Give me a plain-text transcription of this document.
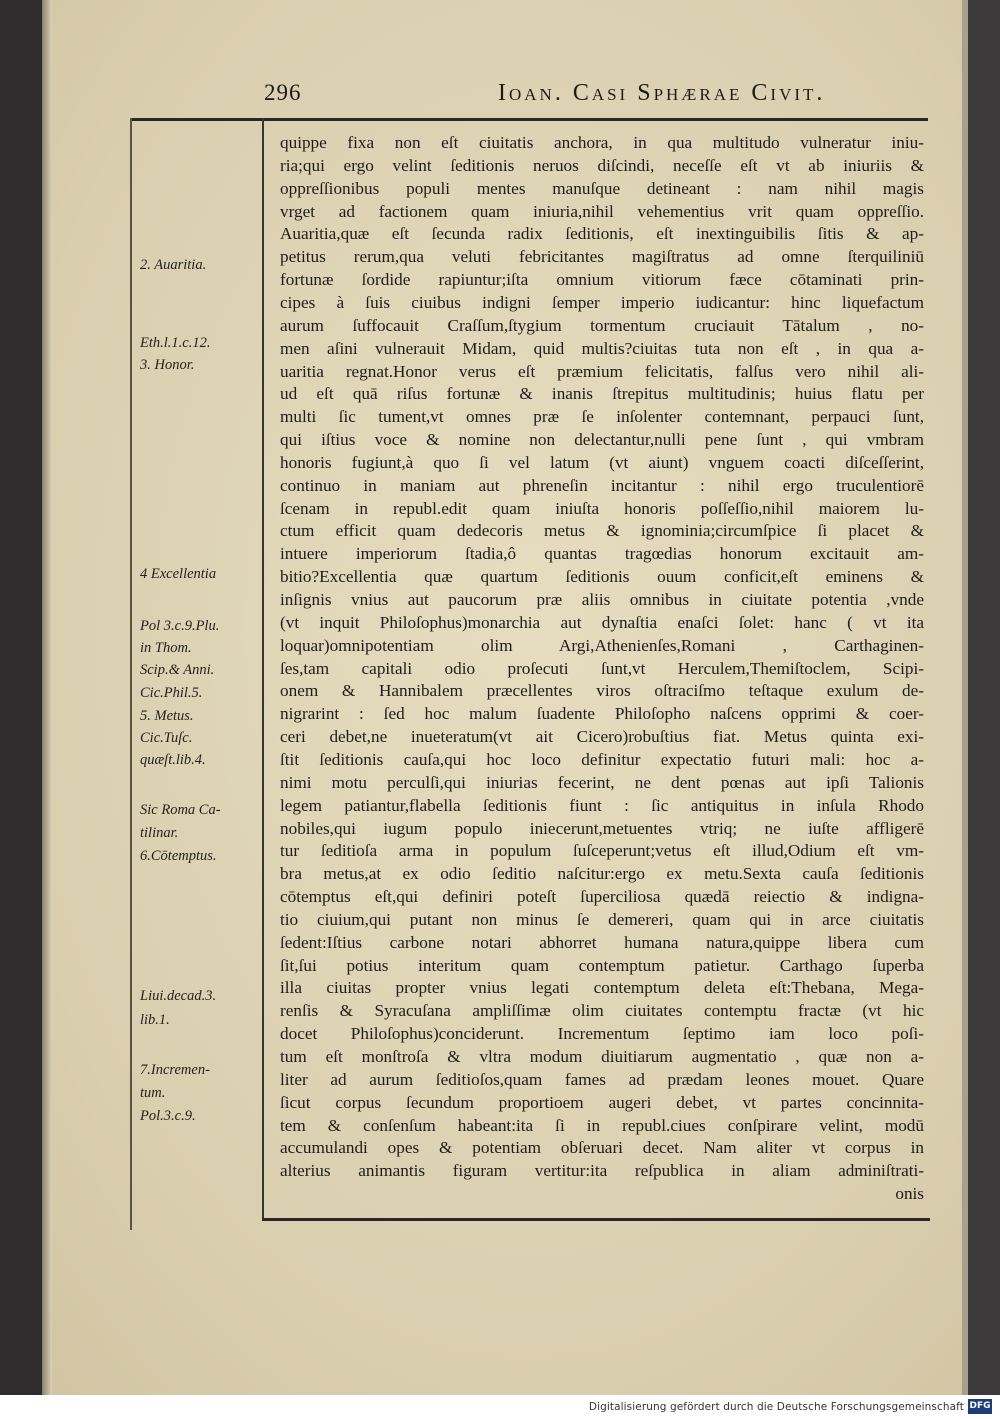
296	Ioan. Casi Sphærae Civit.
2. Auaritia.
Eth.l.1.c.12.
3. Honor.
4 Excellentia
Pol 3.c.9.Plu.
in Thom.
Scip.& Anni.
Cic.Phil.5.
5. Metus.
Cic.Tuſc.
quæſt.lib.4.
Sic Roma Ca-
tilinar.
6.Cōtemptus.
Liui.decad.3.
lib.1.
7.Incremen-
tum.
Pol.3.c.9.
quippe fixa non eſt ciuitatis anchora, in qua multitudo vulneratur iniu-
ria;qui ergo velint ſeditionis neruos diſcindi, neceſſe eſt vt ab iniuriis &
oppreſſionibus populi mentes manuſque detineant : nam nihil magis
vrget ad factionem quam iniuria,nihil vehementius vrit quam oppreſſio.
Auaritia,quæ eſt ſecunda radix ſeditionis, eſt inextinguibilis ſitis & ap-
petitus rerum,qua veluti febricitantes magiſtratus ad omne ſterquiliniū
fortunæ ſordide rapiuntur;iſta omnium vitiorum fæce cōtaminati prin-
cipes à ſuis ciuibus indigni ſemper imperio iudicantur: hinc liquefactum
aurum ſuffocauit Craſſum,ſtygium tormentum cruciauit Tātalum , no-
men aſini vulnerauit Midam, quid multis?ciuitas tuta non eſt , in qua a-
uaritia regnat.Honor verus eſt præmium felicitatis, falſus vero nihil ali-
ud eſt quā riſus fortunæ & inanis ſtrepitus multitudinis; huius flatu per
multi ſic tument,vt omnes præ ſe inſolenter contemnant, perpauci ſunt,
qui iſtius voce & nomine non delectantur,nulli pene ſunt , qui vmbram
honoris fugiunt,à quo ſi vel latum (vt aiunt) vnguem coacti diſceſſerint,
continuo in maniam aut phreneſin incitantur : nihil ergo truculentiorē
ſcenam in republ.edit quam iniuſta honoris poſſeſſio,nihil maiorem lu-
ctum efficit quam dedecoris metus & ignominia;circumſpice ſi placet &
intuere imperiorum ſtadia,ô quantas tragœdias honorum excitauit am-
bitio?Excellentia quæ quartum ſeditionis ouum conficit,eſt eminens &
inſignis vnius aut paucorum præ aliis omnibus in ciuitate potentia ,vnde
(vt inquit Philoſophus)monarchia aut dynaſtia enaſci ſolet: hanc ( vt ita
loquar)omnipotentiam olim Argi,Athenienſes,Romani , Carthaginen-
ſes,tam capitali odio proſecuti ſunt,vt Herculem,Themiſtoclem, Scipi-
onem & Hannibalem præcellentes viros oſtraciſmo teſtaque exulum de-
nigrarint : ſed hoc malum ſuadente Philoſopho naſcens opprimi & coer-
ceri debet,ne inueteratum(vt ait Cicero)robuſtius fiat. Metus quinta exi-
ſtit ſeditionis cauſa,qui hoc loco definitur expectatio futuri mali: hoc a-
nimi motu perculſi,qui iniurias fecerint, ne dent pœnas aut ipſi Talionis
legem patiantur,flabella ſeditionis fiunt : ſic antiquitus in inſula Rhodo
nobiles,qui iugum populo iniecerunt,metuentes vtriq; ne iuſte affligerē
tur ſeditioſa arma in populum ſuſceperunt;vetus eſt illud,Odium eſt vm-
bra metus,at ex odio ſeditio naſcitur:ergo ex metu.Sexta cauſa ſeditionis
cōtemptus eſt,qui definiri poteſt ſuperciliosa quædā reiectio & indigna-
tio ciuium,qui putant non minus ſe demereri, quam qui in arce ciuitatis
ſedent:Iſtius carbone notari abhorret humana natura,quippe libera cum
ſit,ſui potius interitum quam contemptum patietur. Carthago ſuperba
illa ciuitas propter vnius legati contemptum deleta eſt:Thebana, Mega-
renſis & Syracuſana ampliſſimæ olim ciuitates contemptu fractæ (vt hic
docet Philoſophus)conciderunt. Incrementum ſeptimo iam loco poſi-
tum eſt monſtroſa & vltra modum diuitiarum augmentatio , quæ non a-
liter ad aurum ſeditioſos,quam fames ad prædam leones mouet. Quare
ſicut corpus ſecundum proportioem augeri debet, vt partes concinnita-
tem & conſenſum habeant:ita ſi in republ.ciues conſpirare velint, modū
accumulandi opes & potentiam obſeruari decet. Nam aliter vt corpus in
alterius animantis figuram vertitur:ita reſpublica in aliam adminiſtrati-
onis
Digitalisierung gefördert durch die Deutsche Forschungsgemeinschaft DFG
